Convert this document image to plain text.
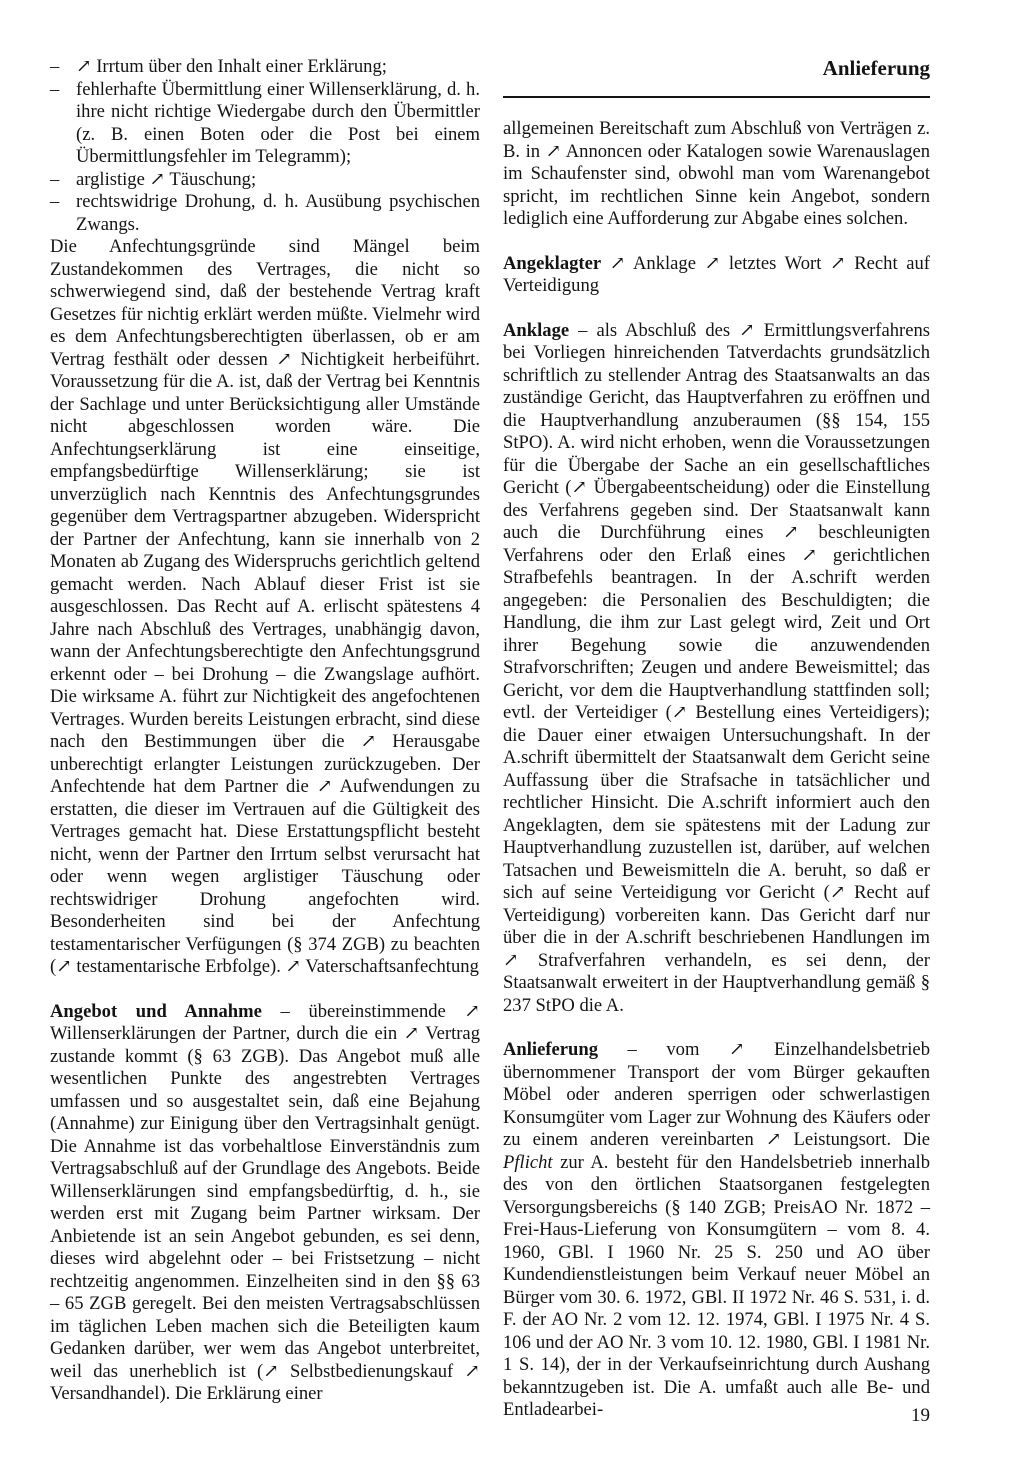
Anlieferung
– ↗ Irrtum über den Inhalt einer Erklärung;
– fehlerhafte Übermittlung einer Willenserklärung, d. h. ihre nicht richtige Wiedergabe durch den Übermittler (z. B. einen Boten oder die Post bei einem Übermittlungsfehler im Telegramm);
– arglistige ↗ Täuschung;
– rechtswidrige Drohung, d. h. Ausübung psychischen Zwangs.

Die Anfechtungsgründe sind Mängel beim Zustandekommen des Vertrages, die nicht so schwerwiegend sind, daß der bestehende Vertrag kraft Gesetzes für nichtig erklärt werden müßte. Vielmehr wird es dem Anfechtungsberechtigten überlassen, ob er am Vertrag festhält oder dessen ↗ Nichtigkeit herbeiführt. Voraussetzung für die A. ist, daß der Vertrag bei Kenntnis der Sachlage und unter Berücksichtigung aller Umstände nicht abgeschlossen worden wäre. Die Anfechtungserklärung ist eine einseitige, empfangsbedürftige Willenserklärung; sie ist unverzüglich nach Kenntnis des Anfechtungsgrundes gegenüber dem Vertragspartner abzugeben. Widerspricht der Partner der Anfechtung, kann sie innerhalb von 2 Monaten ab Zugang des Widerspruchs gerichtlich geltend gemacht werden. Nach Ablauf dieser Frist ist sie ausgeschlossen. Das Recht auf A. erlischt spätestens 4 Jahre nach Abschluß des Vertrages, unabhängig davon, wann der Anfechtungsberechtigte den Anfechtungsgrund erkennt oder – bei Drohung – die Zwangslage aufhört. Die wirksame A. führt zur Nichtigkeit des angefochtenen Vertrages. Wurden bereits Leistungen erbracht, sind diese nach den Bestimmungen über die ↗ Herausgabe unberechtigt erlangter Leistungen zurückzugeben. Der Anfechtende hat dem Partner die ↗ Aufwendungen zu erstatten, die dieser im Vertrauen auf die Gültigkeit des Vertrages gemacht hat. Diese Erstattungspflicht besteht nicht, wenn der Partner den Irrtum selbst verursacht hat oder wenn wegen arglistiger Täuschung oder rechtswidriger Drohung angefochten wird. Besonderheiten sind bei der Anfechtung testamentarischer Verfügungen (§ 374 ZGB) zu beachten (↗ testamentarische Erbfolge). ↗ Vaterschaftsanfechtung

Angebot und Annahme – übereinstimmende ↗ Willenserklärungen der Partner, durch die ein ↗ Vertrag zustande kommt (§ 63 ZGB). Das Angebot muß alle wesentlichen Punkte des angestrebten Vertrages umfassen und so ausgestaltet sein, daß eine Bejahung (Annahme) zur Einigung über den Vertragsinhalt genügt. Die Annahme ist das vorbehaltlose Einverständnis zum Vertragsabschluß auf der Grundlage des Angebots. Beide Willenserklärungen sind empfangsbedürftig, d. h., sie werden erst mit Zugang beim Partner wirksam. Der Anbietende ist an sein Angebot gebunden, es sei denn, dieses wird abgelehnt oder – bei Fristsetzung – nicht rechtzeitig angenommen. Einzelheiten sind in den §§ 63 – 65 ZGB geregelt. Bei den meisten Vertragsabschlüssen im täglichen Leben machen sich die Beteiligten kaum Gedanken darüber, wer wem das Angebot unterbreitet, weil das unerheblich ist (↗ Selbstbedienungskauf ↗ Versandhandel). Die Erklärung einer

allgemeinen Bereitschaft zum Abschluß von Verträgen z. B. in ↗ Annoncen oder Katalogen sowie Warenauslagen im Schaufenster sind, obwohl man vom Warenangebot spricht, im rechtlichen Sinne kein Angebot, sondern lediglich eine Aufforderung zur Abgabe eines solchen.

Angeklagter ↗ Anklage ↗ letztes Wort ↗ Recht auf Verteidigung

Anklage – als Abschluß des ↗ Ermittlungsverfahrens bei Vorliegen hinreichenden Tatverdachts grundsätzlich schriftlich zu stellender Antrag des Staatsanwalts an das zuständige Gericht, das Hauptverfahren zu eröffnen und die Hauptverhandlung anzuberaumen (§§ 154, 155 StPO). A. wird nicht erhoben, wenn die Voraussetzungen für die Übergabe der Sache an ein gesellschaftliches Gericht (↗ Übergabeentscheidung) oder die Einstellung des Verfahrens gegeben sind. Der Staatsanwalt kann auch die Durchführung eines ↗ beschleunigten Verfahrens oder den Erlaß eines ↗ gerichtlichen Strafbefehls beantragen. In der A.schrift werden angegeben: die Personalien des Beschuldigten; die Handlung, die ihm zur Last gelegt wird, Zeit und Ort ihrer Begehung sowie die anzuwendenden Strafvorschriften; Zeugen und andere Beweismittel; das Gericht, vor dem die Hauptverhandlung stattfinden soll; evtl. der Verteidiger (↗ Bestellung eines Verteidigers); die Dauer einer etwaigen Untersuchungshaft. In der A.schrift übermittelt der Staatsanwalt dem Gericht seine Auffassung über die Strafsache in tatsächlicher und rechtlicher Hinsicht. Die A.schrift informiert auch den Angeklagten, dem sie spätestens mit der Ladung zur Hauptverhandlung zuzustellen ist, darüber, auf welchen Tatsachen und Beweismitteln die A. beruht, so daß er sich auf seine Verteidigung vor Gericht (↗ Recht auf Verteidigung) vorbereiten kann. Das Gericht darf nur über die in der A.schrift beschriebenen Handlungen im ↗ Strafverfahren verhandeln, es sei denn, der Staatsanwalt erweitert in der Hauptverhandlung gemäß § 237 StPO die A.

Anlieferung – vom ↗ Einzelhandelsbetrieb übernommener Transport der vom Bürger gekauften Möbel oder anderen sperrigen oder schwerlastigen Konsumgüter vom Lager zur Wohnung des Käufers oder zu einem anderen vereinbarten ↗ Leistungsort. Die Pflicht zur A. besteht für den Handelsbetrieb innerhalb des von den örtlichen Staatsorganen festgelegten Versorgungsbereichs (§ 140 ZGB; PreisAO Nr. 1872 – Frei-Haus-Lieferung von Konsumgütern – vom 8. 4. 1960, GBl. I 1960 Nr. 25 S. 250 und AO über Kundendienstleistungen beim Verkauf neuer Möbel an Bürger vom 30. 6. 1972, GBl. II 1972 Nr. 46 S. 531, i. d. F. der AO Nr. 2 vom 12. 12. 1974, GBl. I 1975 Nr. 4 S. 106 und der AO Nr. 3 vom 10. 12. 1980, GBl. I 1981 Nr. 1 S. 14), der in der Verkaufseinrichtung durch Aushang bekanntzugeben ist. Die A. umfaßt auch alle Be- und Entladearbei-	19
